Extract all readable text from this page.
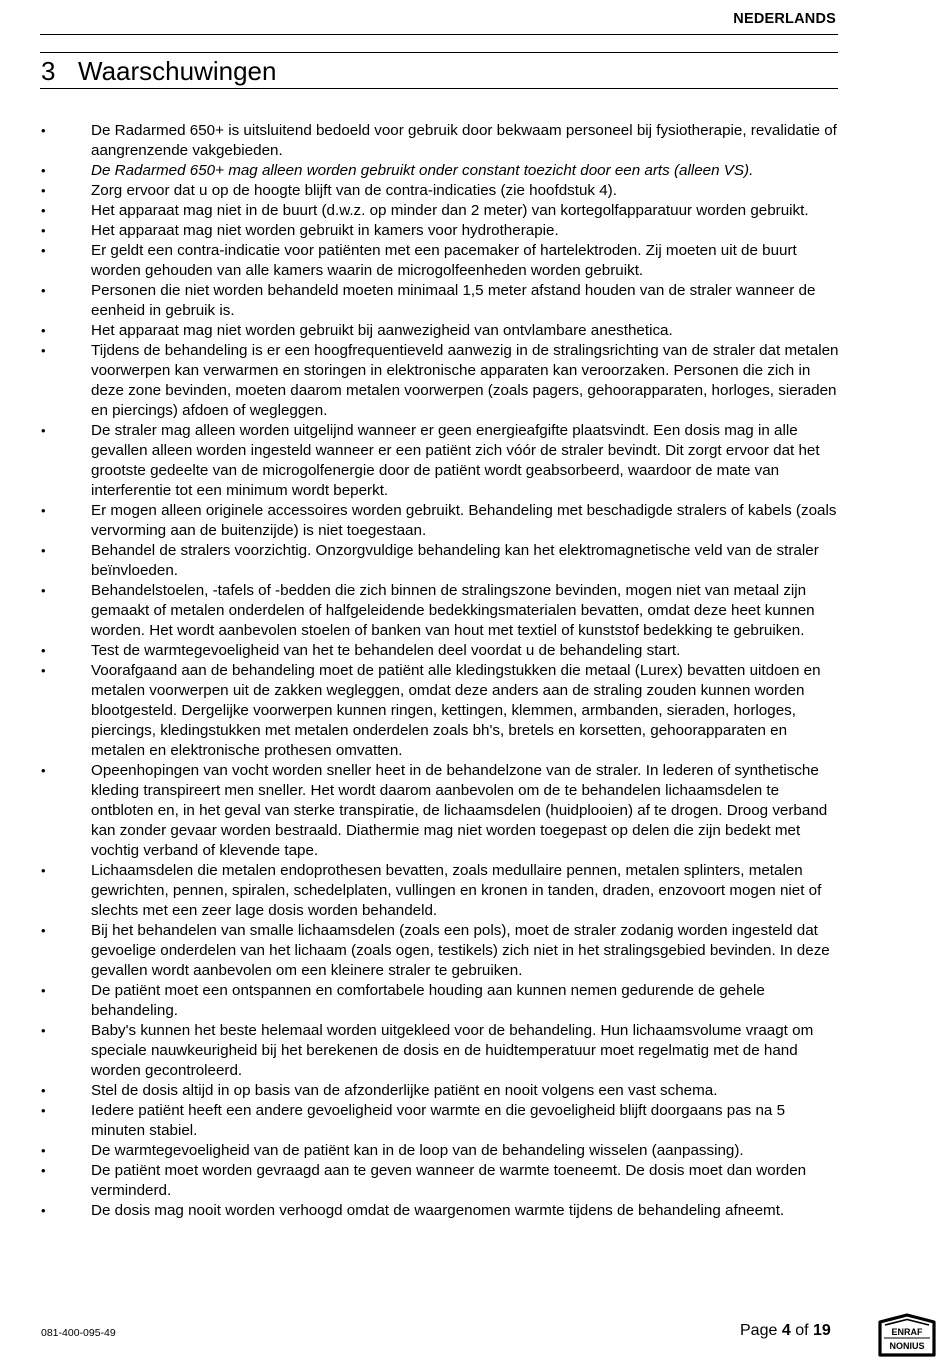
NEDERLANDS
3 Waarschuwingen
•	De Radarmed 650+ is uitsluitend bedoeld voor gebruik door bekwaam personeel bij fysiotherapie, revalidatie of aangrenzende vakgebieden.
•	De Radarmed 650+ mag alleen worden gebruikt onder constant toezicht door een arts (alleen VS).
•	Zorg ervoor dat u op de hoogte blijft van de contra-indicaties (zie hoofdstuk 4).
•	Het apparaat mag niet in de buurt (d.w.z. op minder dan 2 meter) van kortegolfapparatuur worden gebruikt.
•	Het apparaat mag niet worden gebruikt in kamers voor hydrotherapie.
•	Er geldt een contra-indicatie voor patiënten met een pacemaker of hartelektroden. Zij moeten uit de buurt worden gehouden van alle kamers waarin de microgolfeenheden worden gebruikt.
•	Personen die niet worden behandeld moeten minimaal 1,5 meter afstand houden van de straler wanneer de eenheid in gebruik is.
•	Het apparaat mag niet worden gebruikt bij aanwezigheid van ontvlambare anesthetica.
•	Tijdens de behandeling is er een hoogfrequentieveld aanwezig in de stralingsrichting van de straler dat metalen voorwerpen kan verwarmen en storingen in elektronische apparaten kan veroorzaken. Personen die zich in deze zone bevinden, moeten daarom metalen voorwerpen (zoals pagers, gehoorapparaten, horloges, sieraden en piercings) afdoen of wegleggen.
•	De straler mag alleen worden uitgelijnd wanneer er geen energieafgifte plaatsvindt. Een dosis mag in alle gevallen alleen worden ingesteld wanneer er een patiënt zich vóór de straler bevindt. Dit zorgt ervoor dat het grootste gedeelte van de microgolfenergie door de patiënt wordt geabsorbeerd, waardoor de mate van interferentie tot een minimum wordt beperkt.
•	Er mogen alleen originele accessoires worden gebruikt. Behandeling met beschadigde stralers of kabels (zoals vervorming aan de buitenzijde) is niet toegestaan.
•	Behandel de stralers voorzichtig. Onzorgvuldige behandeling kan het elektromagnetische veld van de straler beïnvloeden.
•	Behandelstoelen, -tafels of -bedden die zich binnen de stralingszone bevinden, mogen niet van metaal zijn gemaakt of metalen onderdelen of halfgeleidende bedekkingsmaterialen bevatten, omdat deze heet kunnen worden. Het wordt aanbevolen stoelen of banken van hout met textiel of kunststof bedekking te gebruiken.
•	Test de warmtegevoeligheid van het te behandelen deel voordat u de behandeling start.
•	Voorafgaand aan de behandeling moet de patiënt alle kledingstukken die metaal (Lurex) bevatten uitdoen en metalen voorwerpen uit de zakken wegleggen, omdat deze anders aan de straling zouden kunnen worden blootgesteld. Dergelijke voorwerpen kunnen ringen, kettingen, klemmen, armbanden, sieraden, horloges, piercings, kledingstukken met metalen onderdelen zoals bh's, bretels en korsetten, gehoorapparaten en metalen en elektronische prothesen omvatten.
•	Opeenhopingen van vocht worden sneller heet in de behandelzone van de straler. In lederen of synthetische kleding transpireert men sneller. Het wordt daarom aanbevolen om de te behandelen lichaamsdelen te ontbloten en, in het geval van sterke transpiratie, de lichaamsdelen (huidplooien) af te drogen. Droog verband kan zonder gevaar worden bestraald. Diathermie mag niet worden toegepast op delen die zijn bedekt met vochtig verband of klevende tape.
•	Lichaamsdelen die metalen endoprothesen bevatten, zoals medullaire pennen, metalen splinters, metalen gewrichten, pennen, spiralen, schedelplaten, vullingen en kronen in tanden, draden, enzovoort mogen niet of slechts met een zeer lage dosis worden behandeld.
•	Bij het behandelen van smalle lichaamsdelen (zoals een pols), moet de straler zodanig worden ingesteld dat gevoelige onderdelen van het lichaam (zoals ogen, testikels) zich niet in het stralingsgebied bevinden. In deze gevallen wordt aanbevolen om een kleinere straler te gebruiken.
•	De patiënt moet een ontspannen en comfortabele houding aan kunnen nemen gedurende de gehele behandeling.
•	Baby's kunnen het beste helemaal worden uitgekleed voor de behandeling. Hun lichaamsvolume vraagt om speciale nauwkeurigheid bij het berekenen de dosis en de huidtemperatuur moet regelmatig met de hand worden gecontroleerd.
•	Stel de dosis altijd in op basis van de afzonderlijke patiënt en nooit volgens een vast schema.
•	Iedere patiënt heeft een andere gevoeligheid voor warmte en die gevoeligheid blijft doorgaans pas na 5 minuten stabiel.
•	De warmtegevoeligheid van de patiënt kan in de loop van de behandeling wisselen (aanpassing).
•	De patiënt moet worden gevraagd aan te geven wanneer de warmte toeneemt. De dosis moet dan worden verminderd.
•	De dosis mag nooit worden verhoogd omdat de waargenomen warmte tijdens de behandeling afneemt.
081-400-095-49	Page 4 of 19	ENRAF
NONIUS
